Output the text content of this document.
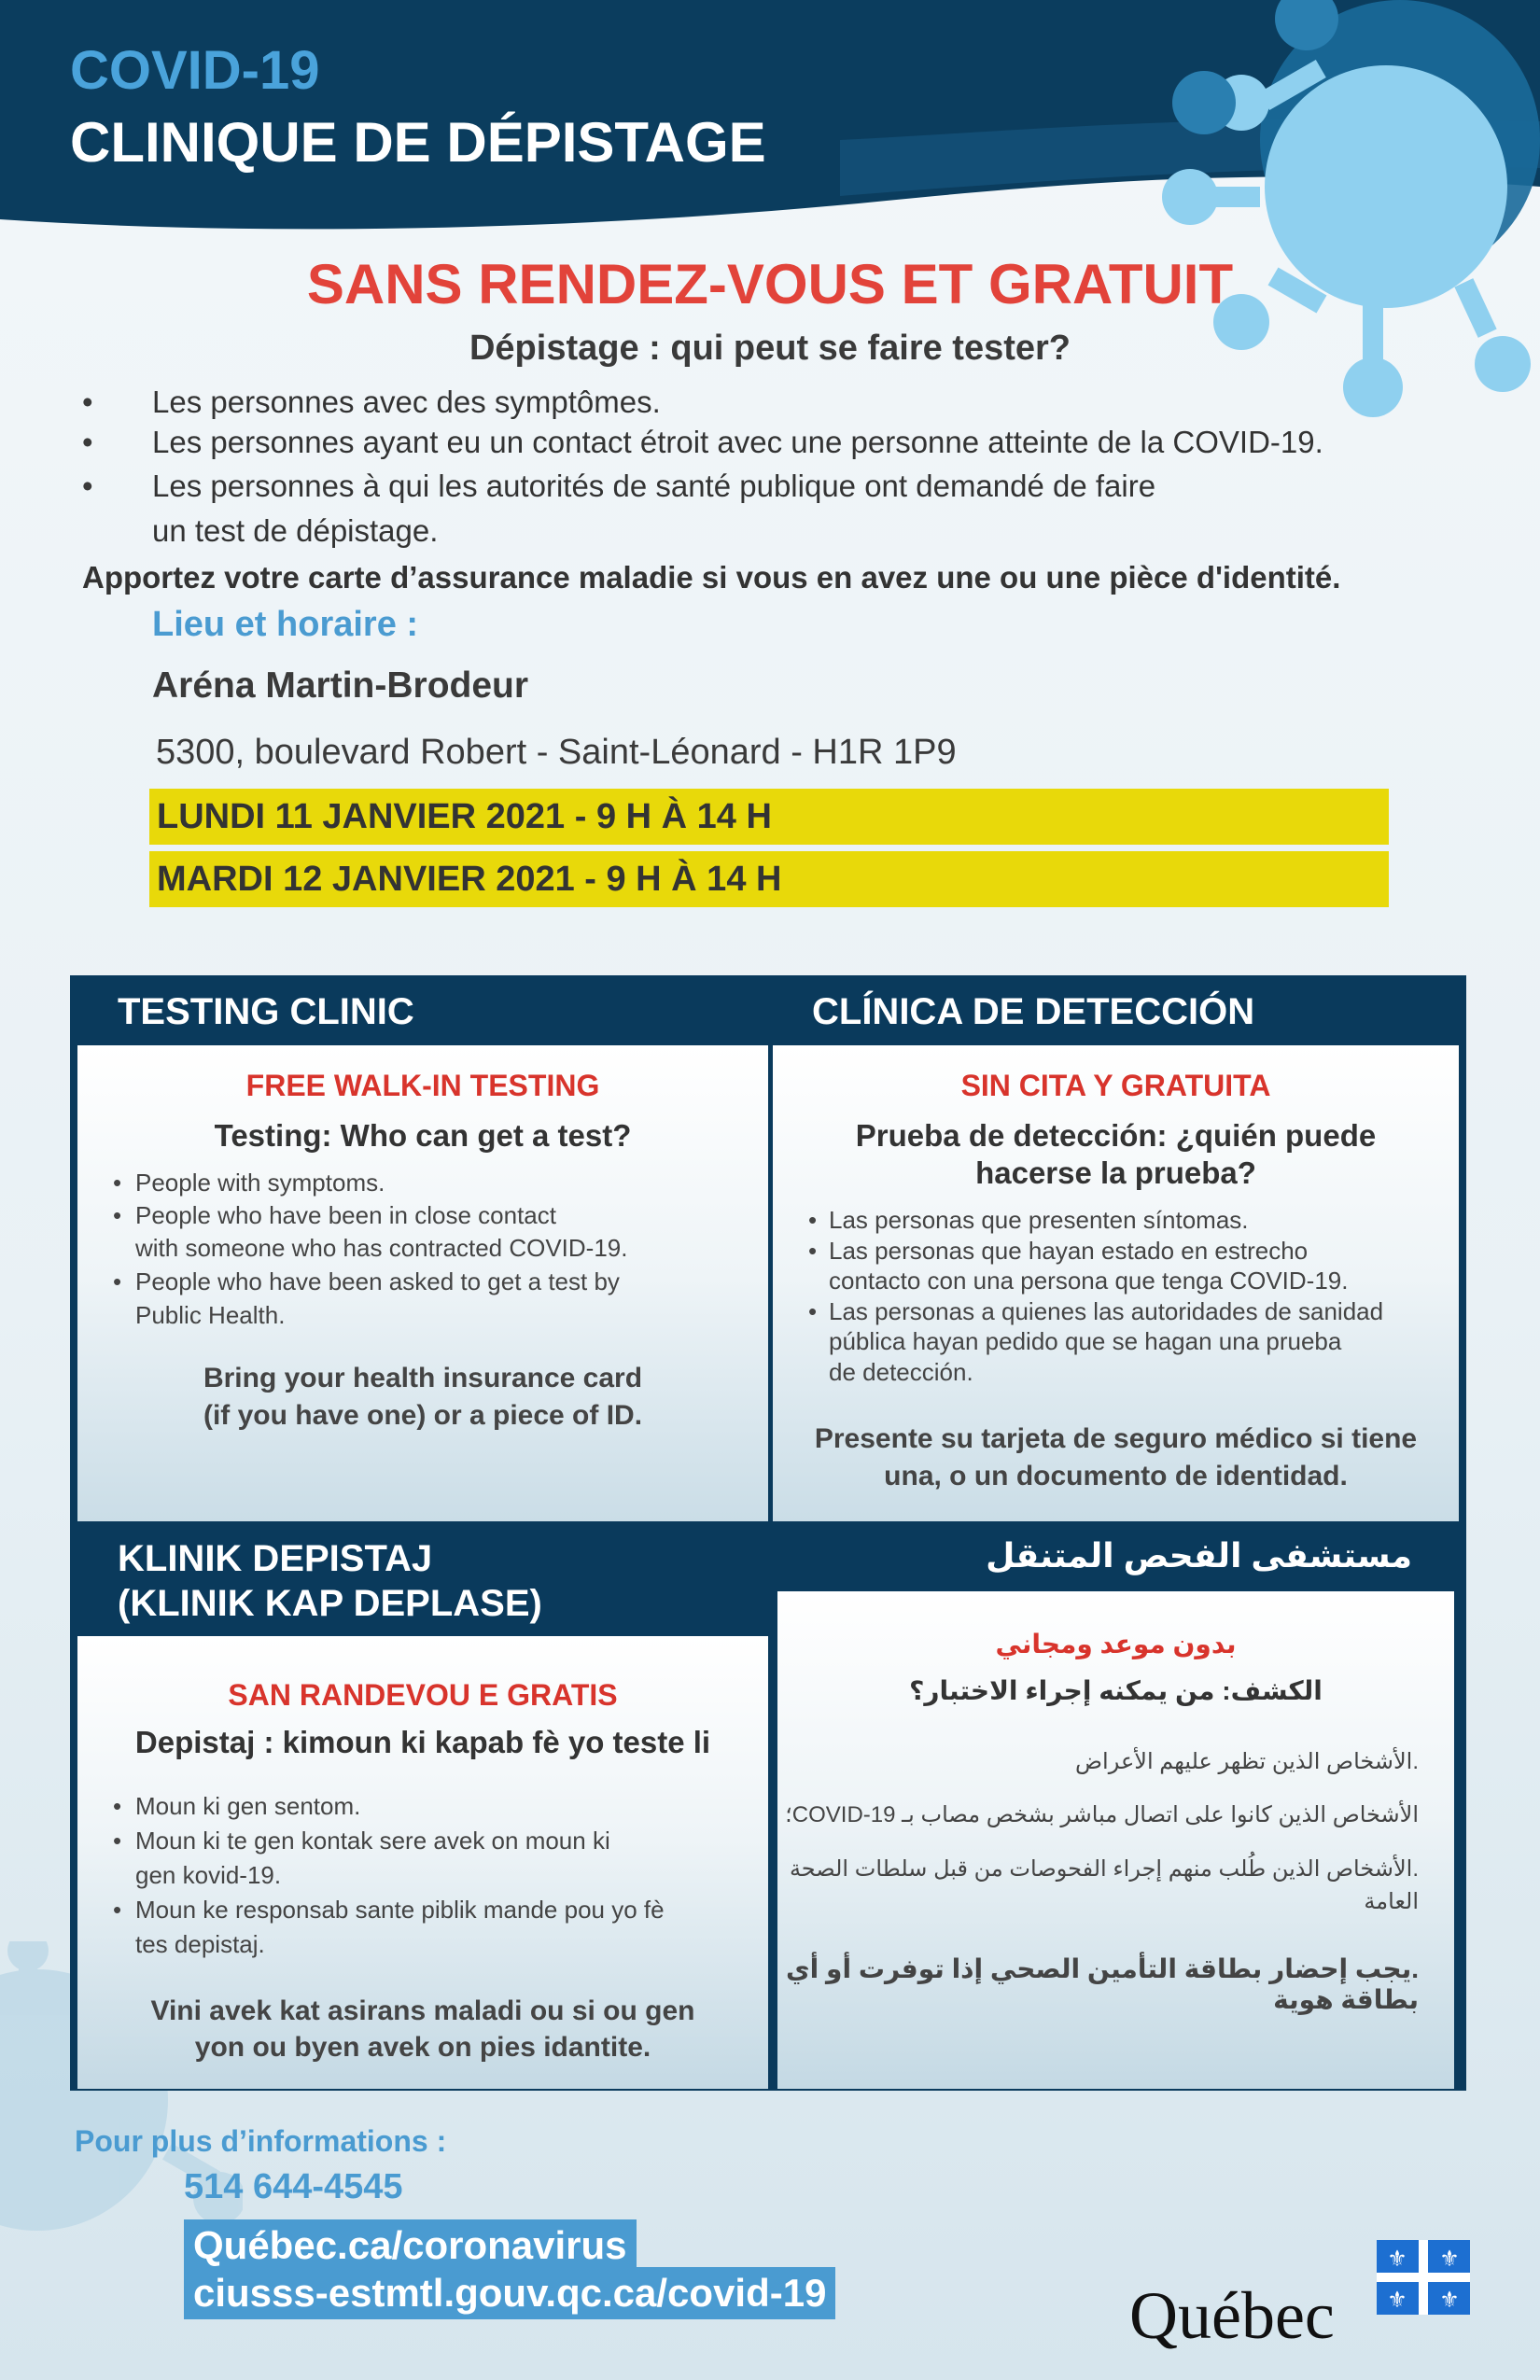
COVID-19
CLINIQUE DE DÉPISTAGE
SANS RENDEZ-VOUS ET GRATUIT
Dépistage : qui peut se faire tester?
• Les personnes avec des symptômes.
• Les personnes ayant eu un contact étroit avec une personne atteinte de la COVID-19.
• Les personnes à qui les autorités de santé publique ont demandé de faire
un test de dépistage.
Apportez votre carte d’assurance maladie si vous en avez une ou une pièce d'identité.
Lieu et horaire :
Aréna Martin-Brodeur
5300, boulevard Robert - Saint-Léonard - H1R 1P9
LUNDI 11 JANVIER 2021 - 9 H À 14 H
MARDI 12 JANVIER 2021 - 9 H À 14 H
TESTING CLINIC
FREE WALK-IN TESTING
Testing: Who can get a test?
• People with symptoms.
• People who have been in close contact
with someone who has contracted COVID-19.
• People who have been asked to get a test by
Public Health.
Bring your health insurance card
(if you have one) or a piece of ID.
CLÍNICA DE DETECCIÓN
SIN CITA Y GRATUITA
Prueba de detección: ¿quién puede
hacerse la prueba?
• Las personas que presenten síntomas.
• Las personas que hayan estado en estrecho
contacto con una persona que tenga COVID-19.
• Las personas a quienes las autoridades de sanidad
pública hayan pedido que se hagan una prueba
de detección.
Presente su tarjeta de seguro médico si tiene
una, o un documento de identidad.
KLINIK DEPISTAJ
(KLINIK KAP DEPLASE)
SAN RANDEVOU E GRATIS
Depistaj : kimoun ki kapab fè yo teste li
• Moun ki gen sentom.
• Moun ki te gen kontak sere avek on moun ki
gen kovid-19.
• Moun ke responsab sante piblik mande pou yo fè
tes depistaj.
Vini avek kat asirans maladi ou si ou gen
yon ou byen avek on pies idantite.
مستشفى الفحص المتنقل
بدون موعد ومجاني
الكشف: من يمكنه إجراء الاختبار؟
.الأشخاص الذين تظهر عليهم الأعراض
الأشخاص الذين كانوا على اتصال مباشر بشخص مصاب بـ COVID-19؛
.الأشخاص الذين طُلب منهم إجراء الفحوصات من قبل سلطات الصحة العامة
.يجب إحضار بطاقة التأمين الصحي إذا توفرت أو أي بطاقة هوية
Pour plus d’informations :
514 644-4545
Québec.ca/coronavirus
ciusss-estmtl.gouv.qc.ca/covid-19	Québec
⚜ ⚜
⚜ ⚜
